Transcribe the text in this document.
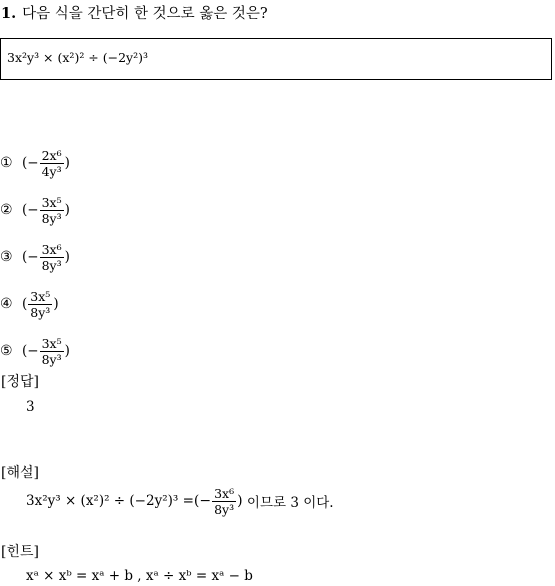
1. 다음 식을 간단히 한 것으로 옳은 것은?
3x²y³ × (x²)² ÷ (−2y²)³
① (− $\frac{\text{2x⁶}}{\text{4y³}}$ )
② (− $\frac{\text{3x⁵}}{\text{8y³}}$ )
③ (− $\frac{\text{3x⁶}}{\text{8y³}}$ )
④ ( $\frac{\text{3x⁵}}{\text{8y³}}$ )
⑤ (− $\frac{\text{3x⁵}}{\text{8y³}}$ )
[정답]
3
[해설]
3x²y³ × (x²)² ÷ (−2y²)³ = (− $\frac{\text{3x⁶}}{\text{8y³}}$ )
이므로 3 이다.
[힌트]
xᵃ × xᵇ = xᵃ + b , xᵃ ÷ xᵇ = xᵃ − b
